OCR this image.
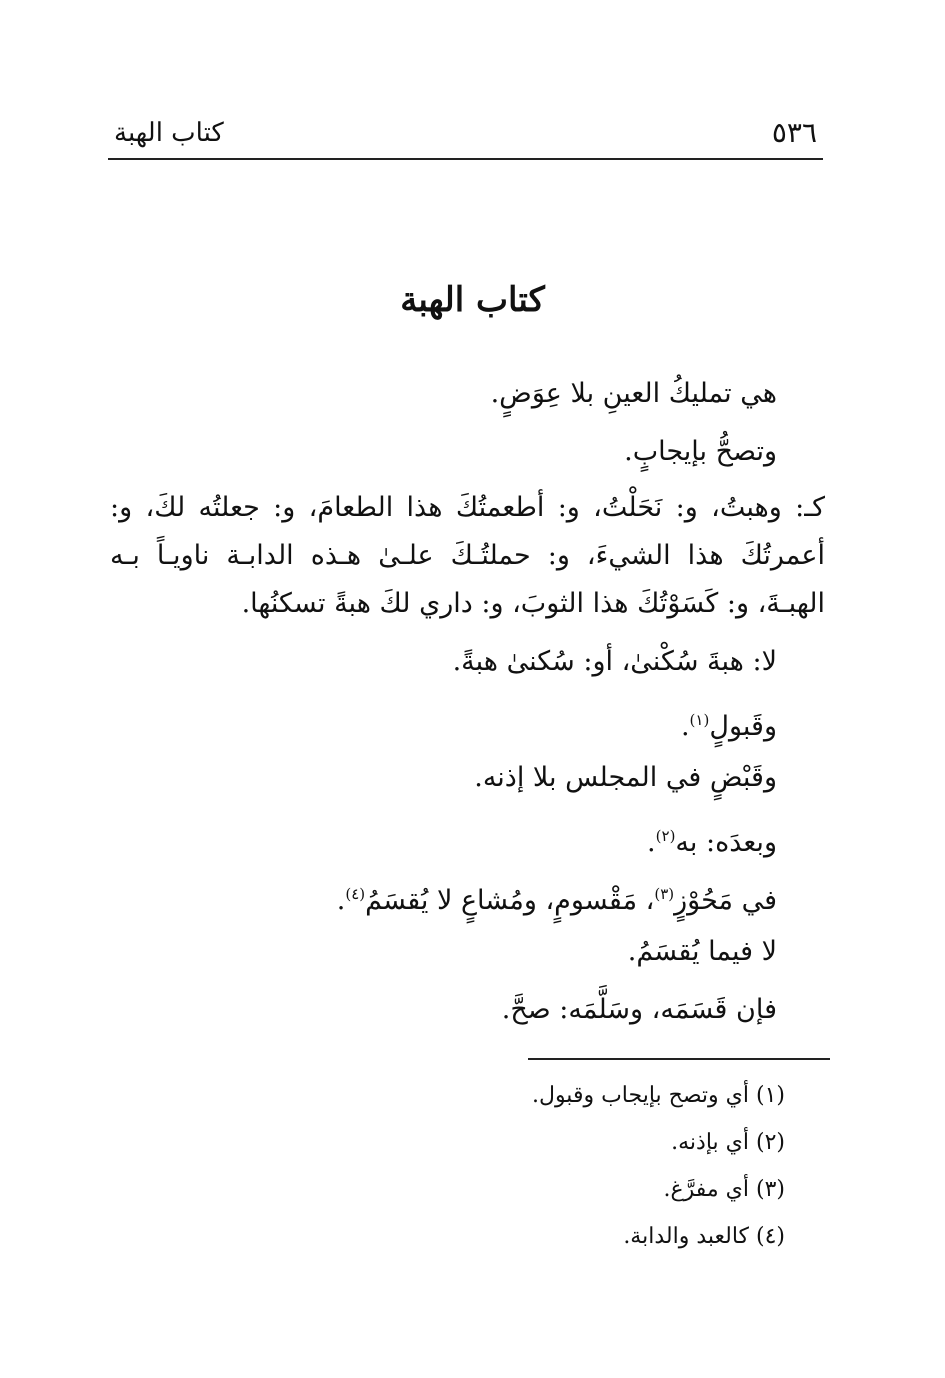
كتاب الهبة	٥٣٦
كتاب الهبة
هي تمليكُ العينِ بلا عِوَضٍ.
وتصحُّ بإيجابٍ.
كـ: وهبتُ، و: نَحَلْتُ، و: أطعمتُكَ هذا الطعامَ، و: جعلتُه لكَ، و: أعمرتُكَ هذا الشيءَ، و: حملتُـكَ علـىٰ هـذه الدابـة ناويـاً بـه الهبـةَ، و: كَسَوْتُكَ هذا الثوبَ، و: داري لكَ هبةً تسكنُها.
لا: هبةَ سُكْنىٰ، أو: سُكنىٰ هبةً.
وقَبولٍ$^{(١)}$.
وقَبْضٍ في المجلس بلا إذنه.
وبعدَه: به$^{(٢)}$.
في مَحُوْزٍ$^{(٣)}$، مَقْسومٍ، ومُشاعٍ لا يُقسَمُ$^{(٤)}$.
لا فيما يُقسَمُ.
فإن قَسَمَه، وسَلَّمَه: صحَّ.
(١) أي وتصح بإيجاب وقبول.
(٢) أي بإذنه.
(٣) أي مفرَّغ.
(٤) كالعبد والدابة.
